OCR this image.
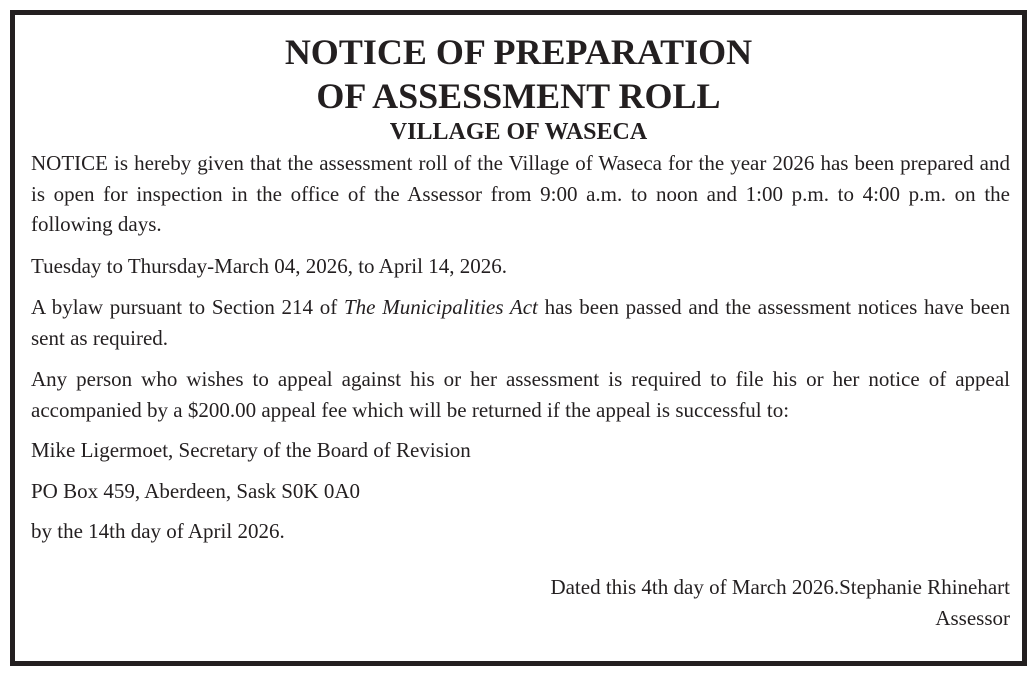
NOTICE OF PREPARATION
OF ASSESSMENT ROLL
VILLAGE OF WASECA

NOTICE is hereby given that the assessment roll of the Village of Waseca for the year 2026 has been prepared and is open for inspection in the office of the Assessor from 9:00 a.m. to noon and 1:00 p.m. to 4:00 p.m. on the following days.

Tuesday to Thursday-March 04, 2026, to April 14, 2026.

A bylaw pursuant to Section 214 of The Municipalities Act has been passed and the assessment notices have been sent as required.

Any person who wishes to appeal against his or her assessment is required to file his or her notice of appeal accompanied by a $200.00 appeal fee which will be returned if the appeal is successful to:

Mike Ligermoet, Secretary of the Board of Revision

PO Box 459, Aberdeen, Sask S0K 0A0

by the 14th day of April 2026.

Dated this 4th day of March 2026.Stephanie Rhinehart
Assessor
